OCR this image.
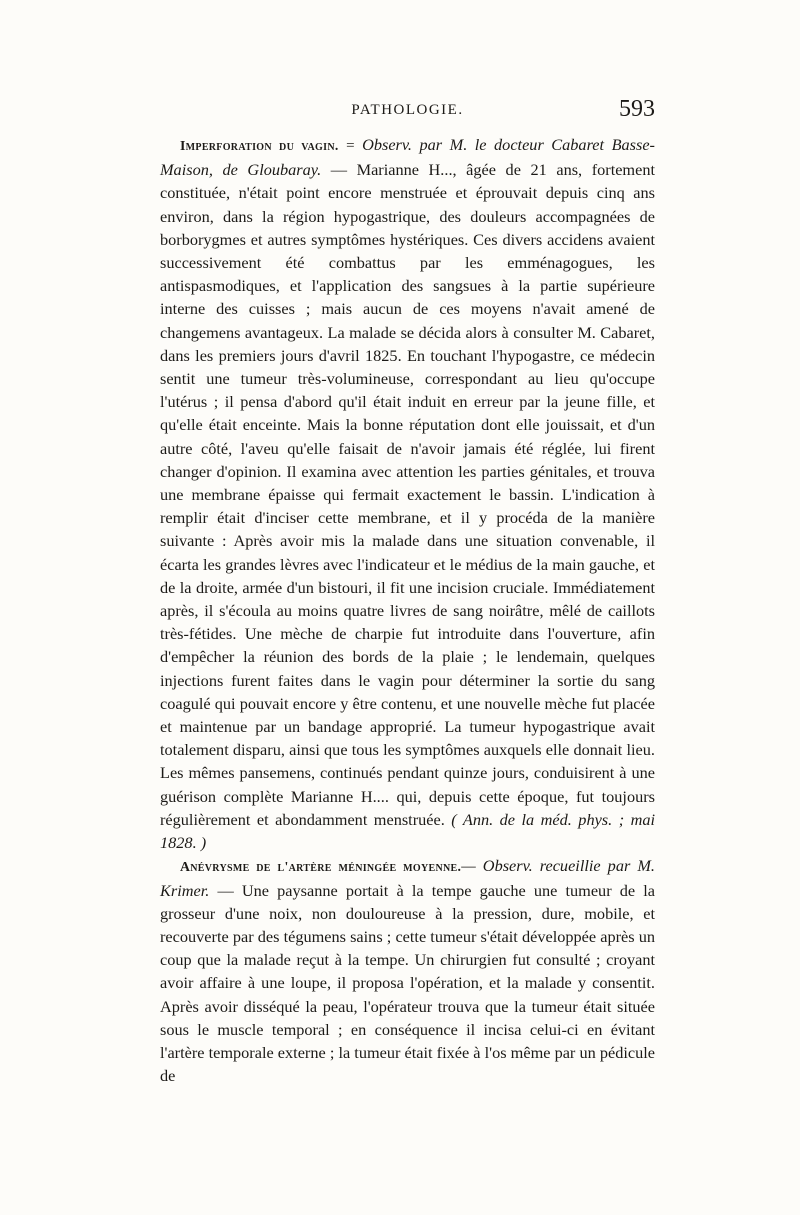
PATHOLOGIE.	593

Imperforation du vagin. = Observ. par M. le docteur Cabaret Basse-Maison, de Gloubaray. — Marianne H..., âgée de 21 ans, fortement constituée, n'était point encore menstruée et éprouvait depuis cinq ans environ, dans la région hypogastrique, des douleurs accompagnées de borborygmes et autres symptômes hystériques. Ces divers accidens avaient successivement été combattus par les emménagogues, les antispasmodiques, et l'application des sangsues à la partie supérieure interne des cuisses ; mais aucun de ces moyens n'avait amené de changemens avantageux. La malade se décida alors à consulter M. Cabaret, dans les premiers jours d'avril 1825. En touchant l'hypogastre, ce médecin sentit une tumeur très-volumineuse, correspondant au lieu qu'occupe l'utérus ; il pensa d'abord qu'il était induit en erreur par la jeune fille, et qu'elle était enceinte. Mais la bonne réputation dont elle jouissait, et d'un autre côté, l'aveu qu'elle faisait de n'avoir jamais été réglée, lui firent changer d'opinion. Il examina avec attention les parties génitales, et trouva une membrane épaisse qui fermait exactement le bassin. L'indication à remplir était d'inciser cette membrane, et il y procéda de la manière suivante : Après avoir mis la malade dans une situation convenable, il écarta les grandes lèvres avec l'indicateur et le médius de la main gauche, et de la droite, armée d'un bistouri, il fit une incision cruciale. Immédiatement après, il s'écoula au moins quatre livres de sang noirâtre, mêlé de caillots très-fétides. Une mèche de charpie fut introduite dans l'ouverture, afin d'empêcher la réunion des bords de la plaie ; le lendemain, quelques injections furent faites dans le vagin pour déterminer la sortie du sang coagulé qui pouvait encore y être contenu, et une nouvelle mèche fut placée et maintenue par un bandage approprié. La tumeur hypogastrique avait totalement disparu, ainsi que tous les symptômes auxquels elle donnait lieu. Les mêmes pansemens, continués pendant quinze jours, conduisirent à une guérison complète Marianne H.... qui, depuis cette époque, fut toujours régulièrement et abondamment menstruée. ( Ann. de la méd. phys. ; mai 1828. )

Anévrysme de l'artère méningée moyenne.— Observ. recueillie par M. Krimer. — Une paysanne portait à la tempe gauche une tumeur de la grosseur d'une noix, non douloureuse à la pression, dure, mobile, et recouverte par des tégumens sains ; cette tumeur s'était développée après un coup que la malade reçut à la tempe. Un chirurgien fut consulté ; croyant avoir affaire à une loupe, il proposa l'opération, et la malade y consentit. Après avoir disséqué la peau, l'opérateur trouva que la tumeur était située sous le muscle temporal ; en conséquence il incisa celui-ci en évitant l'artère temporale externe ; la tumeur était fixée à l'os même par un pédicule de
